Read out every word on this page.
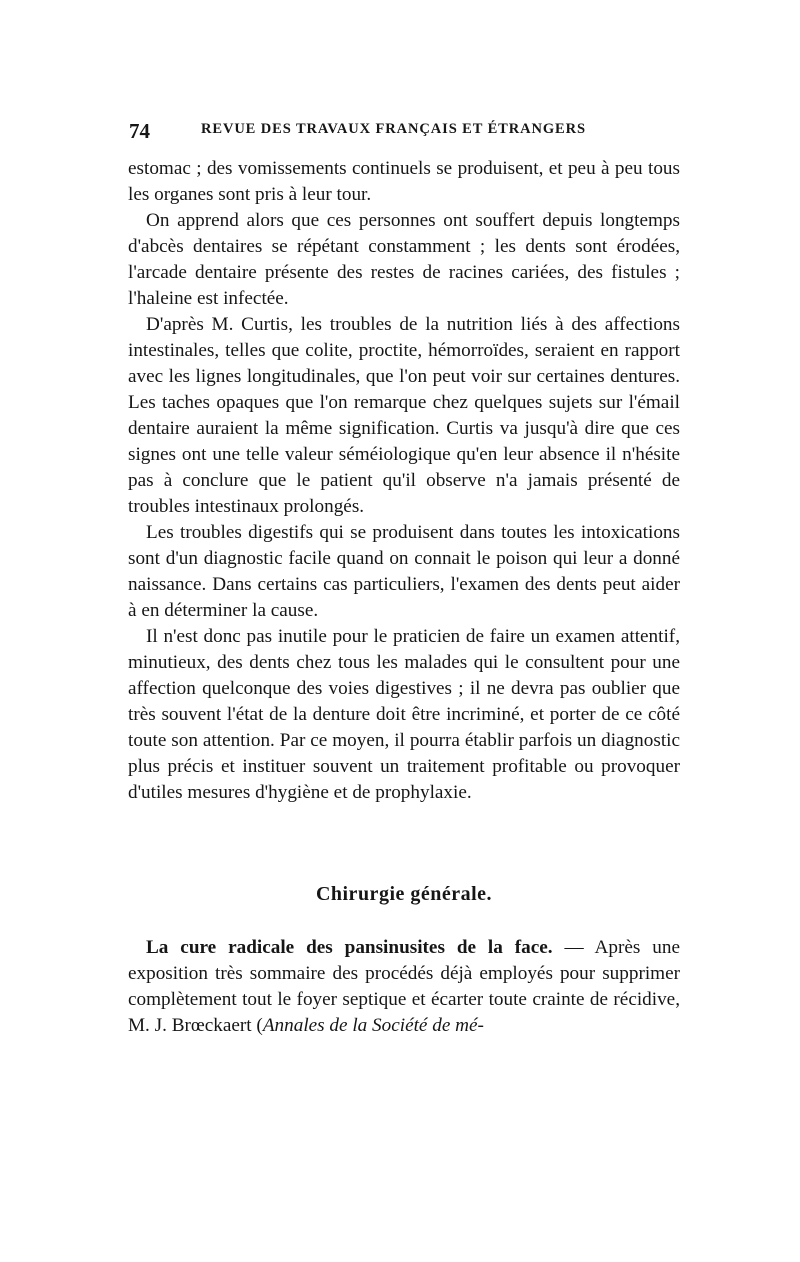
74	REVUE DES TRAVAUX FRANÇAIS ET ÉTRANGERS

estomac ; des vomissements continuels se produisent, et peu à peu tous les organes sont pris à leur tour.

On apprend alors que ces personnes ont souffert depuis longtemps d'abcès dentaires se répétant constamment ; les dents sont érodées, l'arcade dentaire présente des restes de racines cariées, des fistules ; l'haleine est infectée.

D'après M. Curtis, les troubles de la nutrition liés à des affections intestinales, telles que colite, proctite, hémorroïdes, seraient en rapport avec les lignes longitudinales, que l'on peut voir sur certaines dentures. Les taches opaques que l'on remarque chez quelques sujets sur l'émail dentaire auraient la même signification. Curtis va jusqu'à dire que ces signes ont une telle valeur séméiologique qu'en leur absence il n'hésite pas à conclure que le patient qu'il observe n'a jamais présenté de troubles intestinaux prolongés.

Les troubles digestifs qui se produisent dans toutes les intoxications sont d'un diagnostic facile quand on connait le poison qui leur a donné naissance. Dans certains cas particuliers, l'examen des dents peut aider à en déterminer la cause.

Il n'est donc pas inutile pour le praticien de faire un examen attentif, minutieux, des dents chez tous les malades qui le consultent pour une affection quelconque des voies digestives ; il ne devra pas oublier que très souvent l'état de la denture doit être incriminé, et porter de ce côté toute son attention. Par ce moyen, il pourra établir parfois un diagnostic plus précis et instituer souvent un traitement profitable ou provoquer d'utiles mesures d'hygiène et de prophylaxie.

Chirurgie générale.

La cure radicale des pansinusites de la face. — Après une exposition très sommaire des procédés déjà employés pour supprimer complètement tout le foyer septique et écarter toute crainte de récidive, M. J. Brœckaert (Annales de la Société de mé-
